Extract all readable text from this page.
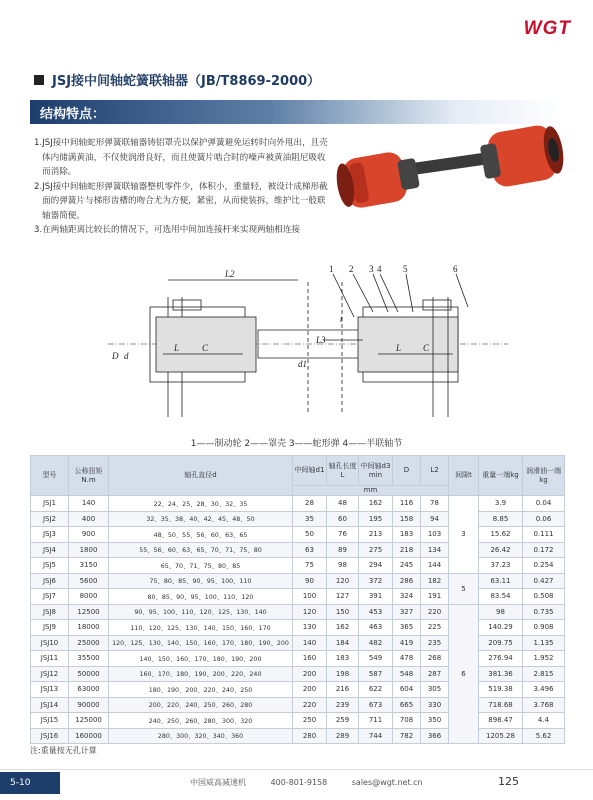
WGT
JSJ接中间轴蛇簧联轴器（JB/T8869-2000）
结构特点：

1.JSJ接中间轴蛇形弹簧联轴器铸铝罩壳以保护弹簧避免运转时向外甩出，且壳体内储满黄油，不仅使润滑良好，而且使簧片啮合时的噪声被黄油阻尼吸收而消除。

2.JSJ接中间轴蛇形弹簧联轴器整机零件少，体积小，重量轻，被设计成梯形截面的弹簧片与梯形齿槽的吻合尤为方便，紧密，从而使装拆，维护比一般联轴器简便。

3.在两轴距离比较长的情况下，可选用中间加连接杆来实现两轴相连接

L2
L3
C
L	C
L
D d
d1
t
1 2 3 4 5	6
1——制动轮 2——罩壳 3——蛇形弹 4——半联轴节
型号	公称扭矩N.m	轴孔直径d	中间轴d1	轴孔长度L	中间轴d3 min	D	L2	间隙t	重量一端kg	润滑油一端kg
			mm							
JSJ1	140	22、24、25、28、30、32、35	28	48	162	116	78	3	3.9	0.04
JSJ2	400	32、35、38、40、42、45、48、50	35	60	195	158	94		8.85	0.06
JSJ3	900	48、50、55、56、60、63、65	50	76	213	183	103		15.62	0.111
JSJ4	1800	55、56、60、63、65、70、71、75、80	63	89	275	218	134		26.42	0.172
JSJ5	3150	65、70、71、75、80、85	75	98	294	245	144		37.23	0.254
JSJ6	5600	75、80、85、90、95、100、110	90	120	372	286	182	5	63.11	0.427
JSJ7	8000	80、85、90、95、100、110、120	100	127	391	324	191		83.54	0.508
JSJ8	12500	90、95、100、110、120、125、130、140	120	150	453	327	220	6	98	0.735
JSJ9	18000	110、120、125、130、140、150、160、170	130	162	463	365	225		140.29	0.908
JSJ10	25000	120、125、130、140、150、160、170、180、190、200	140	184	482	419	235		209.75	1.135
JSJ11	35500	140、150、160、170、180、190、200	160	183	549	478	268		276.94	1.952
JSJ12	50000	160、170、180、190、200、220、240	200	198	587	548	287		381.36	2.815
JSJ13	63000	180、190、200、220、240、250	200	216	622	604	305		519.38	3.496
JSJ14	90000	200、220、240、250、260、280	220	239	673	665	330		718.68	3.768
JSJ15	125000	240、250、260、280、300、320	250	259	711	708	350		898.47	4.4
JSJ16	160000	280、300、320、340、360	280	289	744	782	366		1205.28	5.62
注:重量按无孔计算
5-10	中国威高减速机	400-801-9158	sales@wgt.net.cn	125
